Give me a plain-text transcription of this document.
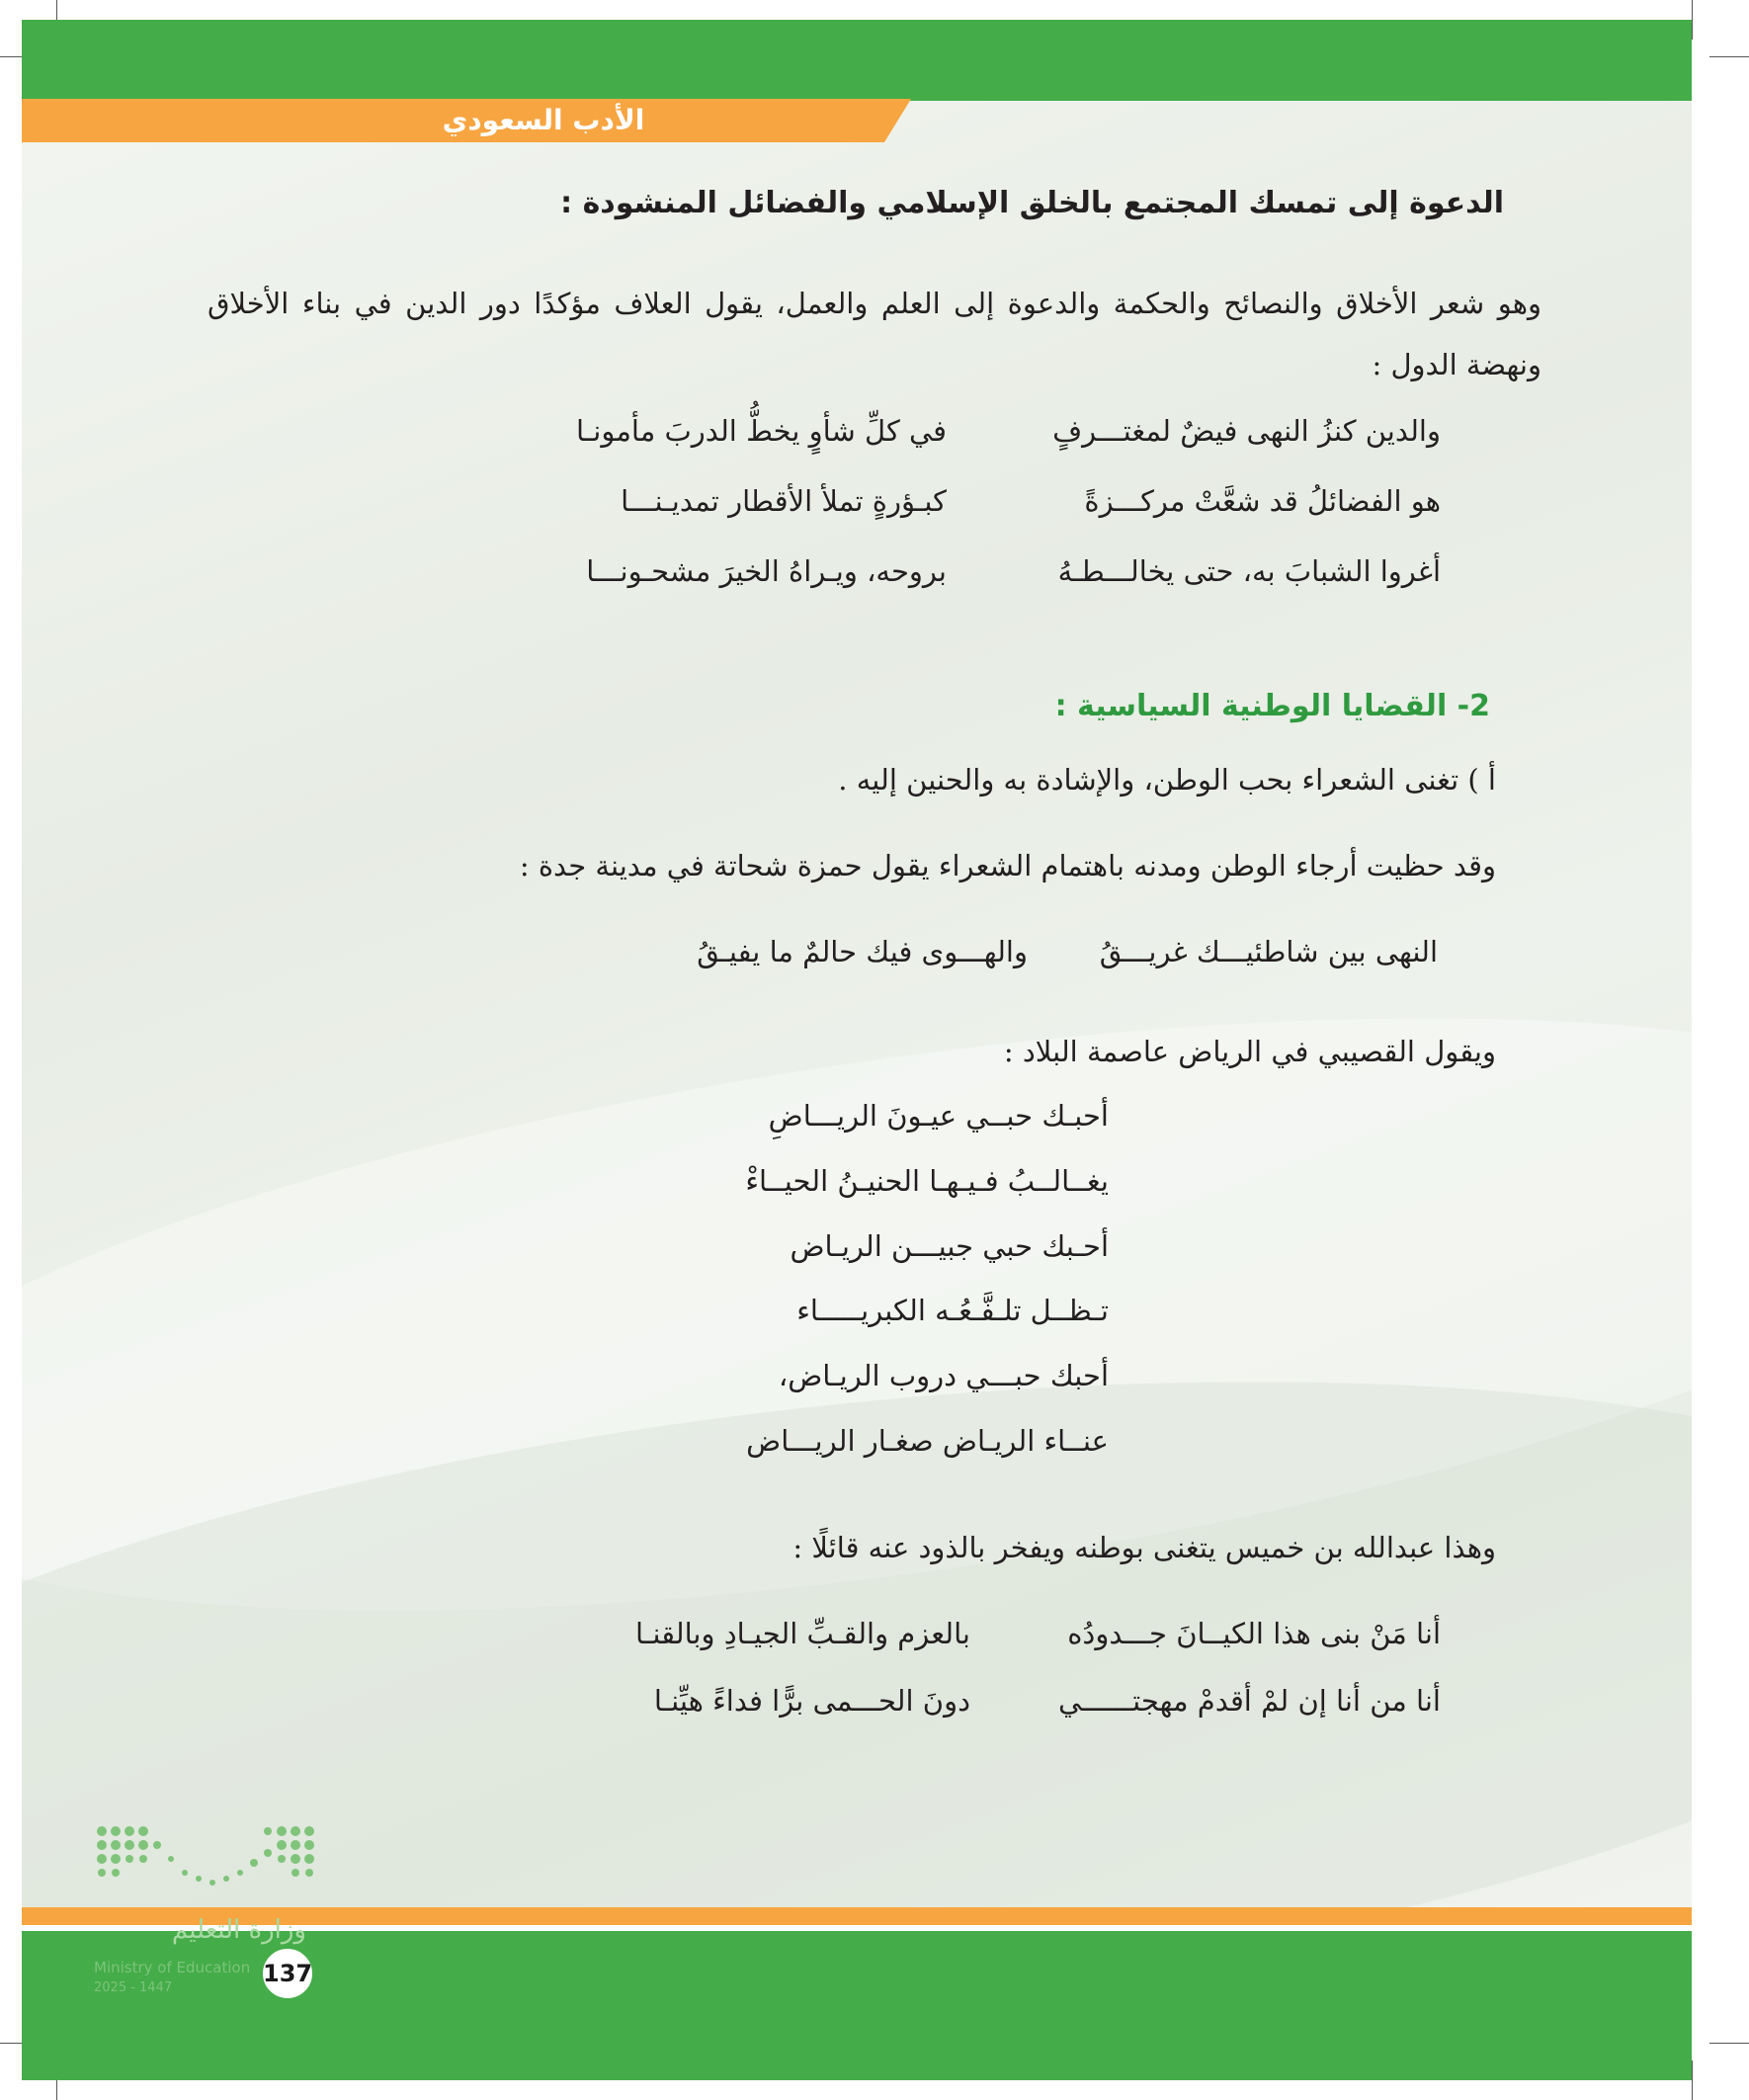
الأدب السعودي
الدعوة إلى تمسك المجتمع بالخلق الإسلامي والفضائل المنشودة :
وهو شعر الأخلاق والنصائح والحكمة والدعوة إلى العلم والعمل، يقول العلاف مؤكدًا دور الدين في بناء الأخلاق ونهضة الدول :
والدين كنزُ النهى فيضٌ لمغتـــرفٍ
في كلِّ شأوٍ يخطُّ الدربَ مأمونـا
هو الفضائلُ قد شعَّتْ مركـــزةً
كبـؤرةٍ تملأ الأقطار تمديـنـــا
أغروا الشبابَ به، حتى يخالـــطـهُ
بروحه، ويـراهُ الخيرَ مشحـونـــا
2- القضايا الوطنية السياسية :
أ ) تغنى الشعراء بحب الوطن، والإشادة به والحنين إليه .
وقد حظيت أرجاء الوطن ومدنه باهتمام الشعراء يقول حمزة شحاتة في مدينة جدة :
النهى بين شاطئيـــك غريـــقُ
والهـــوى فيك حالمٌ ما يفيـقُ
ويقول القصيبي في الرياض عاصمة البلاد :
أحبـك حبــي عيـونَ الريـــاضِ
يغــالــبُ فـيـهـا الحنيـنُ الحيــاءْ
أحـبك حبي جبيـــن الريـاض
تـظــل تلـفَّـعُـه الكبريـــــاء
أحبك حبـــي دروب الريـاض،
عنــاء الريـاض صغـار الريـــاض
وهذا عبدالله بن خميس يتغنى بوطنه ويفخر بالذود عنه قائلًا :
أنا مَنْ بنى هذا الكيــانَ جـــدودُه
بالعزم والقـبِّ الجيـادِ وبالقنـا
أنا من أنا إن لمْ أقدمْ مهجتــــــي
دونَ الحـــمى برًّا فداءً هيِّنـا
وزارة التعليم
Ministry of Education
2025 - 1447
137
